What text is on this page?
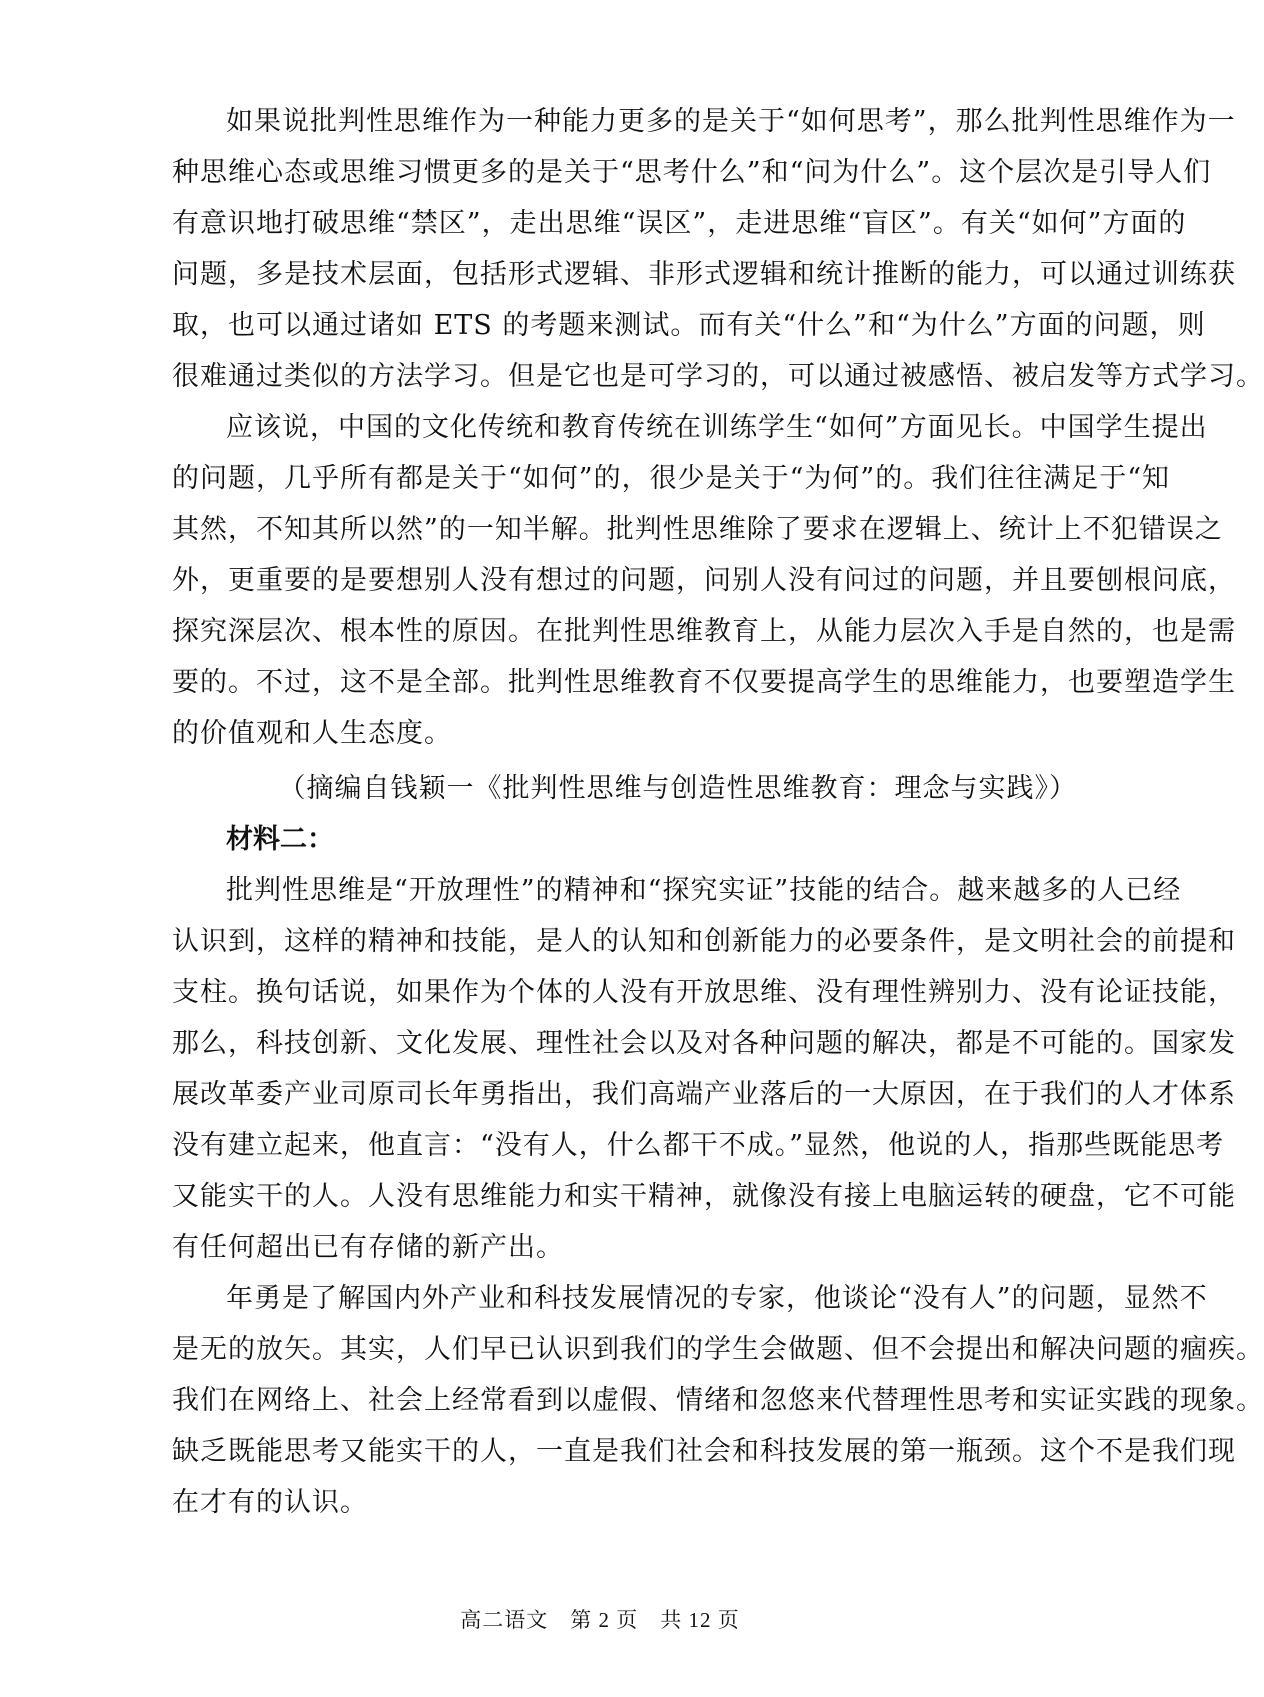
如果说批判性思维作为一种能力更多的是关于“如何思考”，那么批判性思维作为一
种思维心态或思维习惯更多的是关于“思考什么”和“问为什么”。这个层次是引导人们
有意识地打破思维“禁区”，走出思维“误区”，走进思维“盲区”。有关“如何”方面的
问题，多是技术层面，包括形式逻辑、非形式逻辑和统计推断的能力，可以通过训练获
取，也可以通过诸如 ETS 的考题来测试。而有关“什么”和“为什么”方面的问题，则
很难通过类似的方法学习。但是它也是可学习的，可以通过被感悟、被启发等方式学习。
应该说，中国的文化传统和教育传统在训练学生“如何”方面见长。中国学生提出
的问题，几乎所有都是关于“如何”的，很少是关于“为何”的。我们往往满足于“知
其然，不知其所以然”的一知半解。批判性思维除了要求在逻辑上、统计上不犯错误之
外，更重要的是要想别人没有想过的问题，问别人没有问过的问题，并且要刨根问底，
探究深层次、根本性的原因。在批判性思维教育上，从能力层次入手是自然的，也是需
要的。不过，这不是全部。批判性思维教育不仅要提高学生的思维能力，也要塑造学生
的价值观和人生态度。
（摘编自钱颖一《批判性思维与创造性思维教育：理念与实践》）
材料二：
批判性思维是“开放理性”的精神和“探究实证”技能的结合。越来越多的人已经
认识到，这样的精神和技能，是人的认知和创新能力的必要条件，是文明社会的前提和
支柱。换句话说，如果作为个体的人没有开放思维、没有理性辨别力、没有论证技能，
那么，科技创新、文化发展、理性社会以及对各种问题的解决，都是不可能的。国家发
展改革委产业司原司长年勇指出，我们高端产业落后的一大原因，在于我们的人才体系
没有建立起来，他直言：“没有人，什么都干不成。”显然，他说的人，指那些既能思考
又能实干的人。人没有思维能力和实干精神，就像没有接上电脑运转的硬盘，它不可能
有任何超出已有存储的新产出。
年勇是了解国内外产业和科技发展情况的专家，他谈论“没有人”的问题，显然不
是无的放矢。其实，人们早已认识到我们的学生会做题、但不会提出和解决问题的痼疾。
我们在网络上、社会上经常看到以虚假、情绪和忽悠来代替理性思考和实证实践的现象。
缺乏既能思考又能实干的人，一直是我们社会和科技发展的第一瓶颈。这个不是我们现
在才有的认识。
高二语文　第 2 页　共 12 页
